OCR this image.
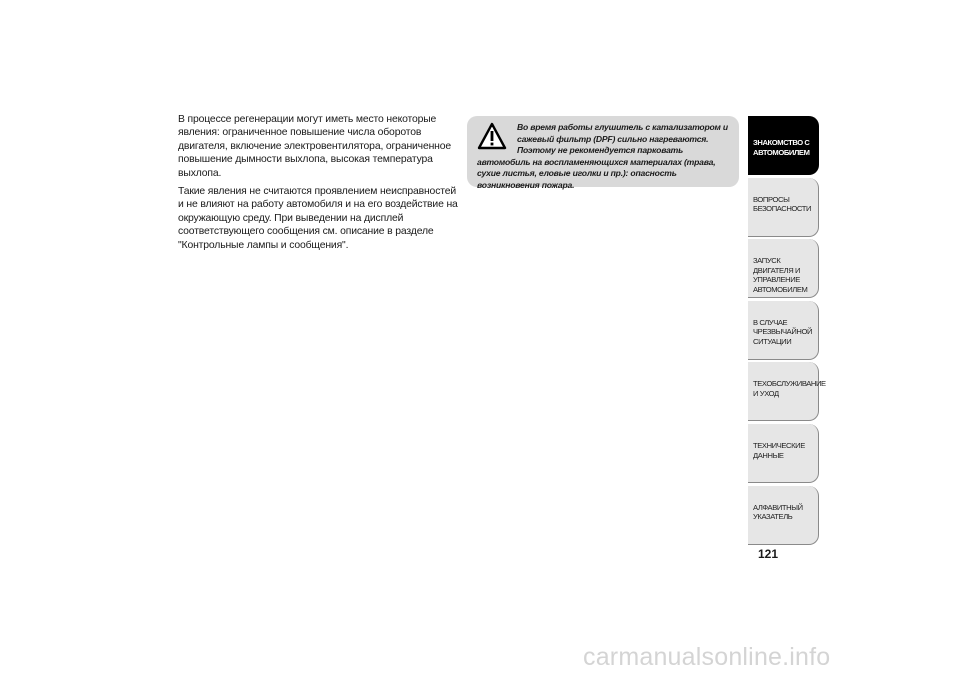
В процессе регенерации могут иметь место некоторые явления: ограниченное повышение числа оборотов двигателя, включение электровентилятора, ограниченное повышение дымности выхлопа, высокая температура выхлопа.

Такие явления не считаются проявлением неисправностей и не влияют на работу автомобиля и на его воздействие на окружающую среду. При выведении на дисплей соответствующего сообщения см. описание в разделе "Контрольные лампы и сообщения".

Во время работы глушитель с катализатором и сажевый фильтр (DPF) сильно нагреваются. Поэтому не рекомендуется парковать автомобиль на воспламеняющихся материалах (трава, сухие листья, еловые иголки и пр.): опасность возникновения пожара.
ЗНАКОМСТВО С
АВТОМОБИЛЕМ
ВОПРОСЫ
БЕЗОПАСНОСТИ
ЗАПУСК ДВИГАТЕЛЯ И
УПРАВЛЕНИЕ
АВТОМОБИЛЕМ
В СЛУЧАЕ
ЧРЕЗВЫЧАЙНОЙ
СИТУАЦИИ
ТЕХОБСЛУЖИВАНИЕ
И УХОД
ТЕХНИЧЕСКИЕ
ДАННЫЕ
АЛФАВИТНЫЙ
УКАЗАТЕЛЬ
121
carmanualsonline.info
